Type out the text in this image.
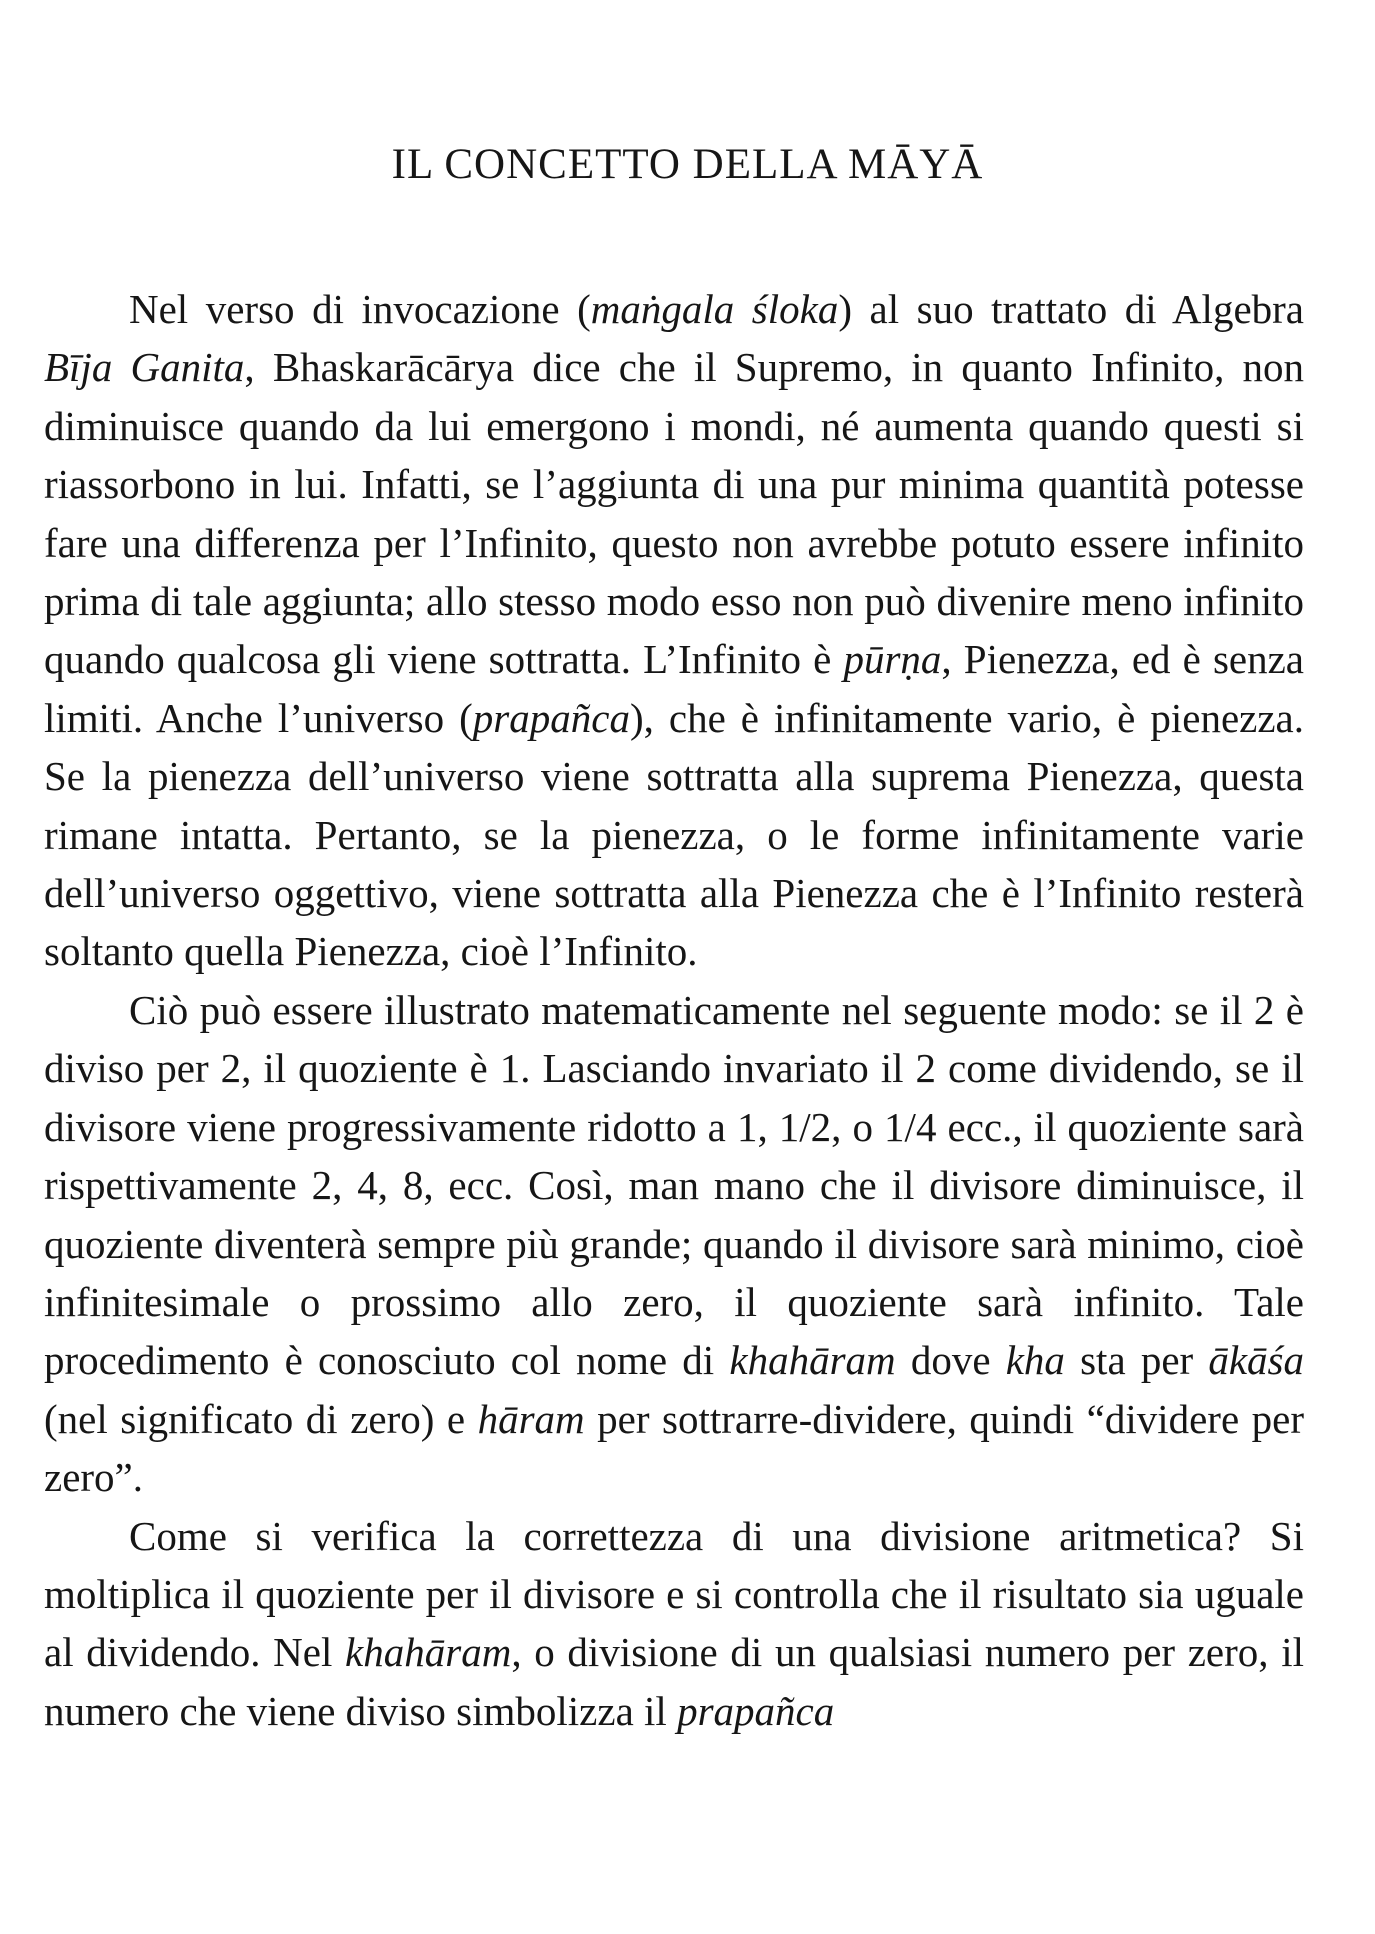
IL CONCETTO DELLA MĀYĀ

Nel verso di invocazione (maṅgala śloka) al suo trattato di Algebra Bīja Ganita, Bhaskarācārya dice che il Supremo, in quanto Infinito, non diminuisce quando da lui emergono i mondi, né aumenta quando questi si riassorbono in lui. Infatti, se l’aggiunta di una pur minima quantità potesse fare una differenza per l’Infinito, questo non avrebbe potuto essere infinito prima di tale aggiunta; allo stesso modo esso non può divenire meno infinito quando qualcosa gli viene sottratta. L’Infinito è pūrṇa, Pienezza, ed è senza limiti. Anche l’universo (prapañca), che è infinitamente vario, è pienezza. Se la pienezza dell’universo viene sottratta alla suprema Pienezza, questa rimane intatta. Pertanto, se la pienezza, o le forme infinitamente varie dell’universo oggettivo, viene sottratta alla Pienezza che è l’Infinito resterà soltanto quella Pienezza, cioè l’Infinito.

Ciò può essere illustrato matematicamente nel seguente modo: se il 2 è diviso per 2, il quoziente è 1. Lasciando invariato il 2 come dividendo, se il divisore viene progressivamente ridotto a 1, 1/2, o 1/4 ecc., il quoziente sarà rispettivamente 2, 4, 8, ecc. Così, man mano che il divisore diminuisce, il quoziente diventerà sempre più grande; quando il divisore sarà minimo, cioè infinitesimale o prossimo allo zero, il quoziente sarà infinito. Tale procedimento è conosciuto col nome di khahāram dove kha sta per ākāśa (nel significato di zero) e hāram per sottrarre-dividere, quindi “dividere per zero”.

Come si verifica la correttezza di una divisione aritmetica? Si moltiplica il quoziente per il divisore e si controlla che il risultato sia uguale al dividendo. Nel khahāram, o divisione di un qualsiasi numero per zero, il numero che viene diviso simbolizza il prapañca
